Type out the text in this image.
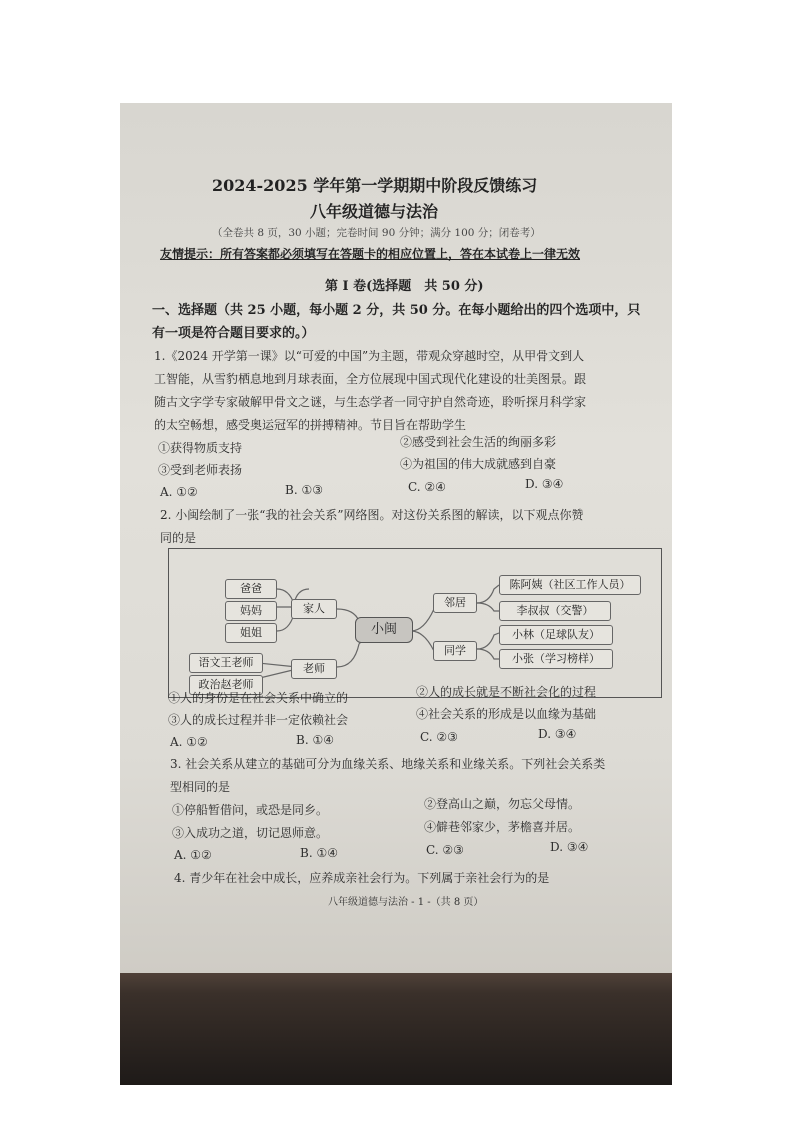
2024-2025 学年第一学期期中阶段反馈练习
八年级道德与法治
（全卷共 8 页，30 小题；完卷时间 90 分钟；满分 100 分；闭卷考）
友情提示：所有答案都必须填写在答题卡的相应位置上，答在本试卷上一律无效
第 I 卷(选择题　共 50 分)
一、选择题（共 25 小题，每小题 2 分，共 50 分。在每小题给出的四个选项中，只
有一项是符合题目要求的。）
1.《2024 开学第一课》以“可爱的中国”为主题，带观众穿越时空，从甲骨文到人
工智能，从雪豹栖息地到月球表面，全方位展现中国式现代化建设的壮美图景。跟
随古文字学专家破解甲骨文之谜，与生态学者一同守护自然奇迹，聆听探月科学家
的太空畅想，感受奥运冠军的拼搏精神。节目旨在帮助学生
①获得物质支持	②感受到社会生活的绚丽多彩
③受到老师表扬	④为祖国的伟大成就感到自豪
A. ①②	B. ①③	C. ②④	D. ③④
2. 小闽绘制了一张“我的社会关系”网络图。对这份关系图的解读，以下观点你赞
同的是
爸爸
妈妈
姐姐
家人
语文王老师
政治赵老师
老师
小闽
邻居
同学
陈阿姨（社区工作人员）
李叔叔（交警）
小林（足球队友）
小张（学习榜样）
①人的身份是在社会关系中确立的	②人的成长就是不断社会化的过程
③人的成长过程并非一定依赖社会	④社会关系的形成是以血缘为基础
A. ①②	B. ①④	C. ②③	D. ③④
3. 社会关系从建立的基础可分为血缘关系、地缘关系和业缘关系。下列社会关系类
型相同的是
①停船暂借问，或恐是同乡。	②登高山之巅，勿忘父母情。
③入成功之道，切记恩师意。	④僻巷邻家少，茅檐喜并居。
A. ①②	B. ①④	C. ②③	D. ③④
4. 青少年在社会中成长，应养成亲社会行为。下列属于亲社会行为的是
八年级道德与法治 - 1 -（共 8 页）
